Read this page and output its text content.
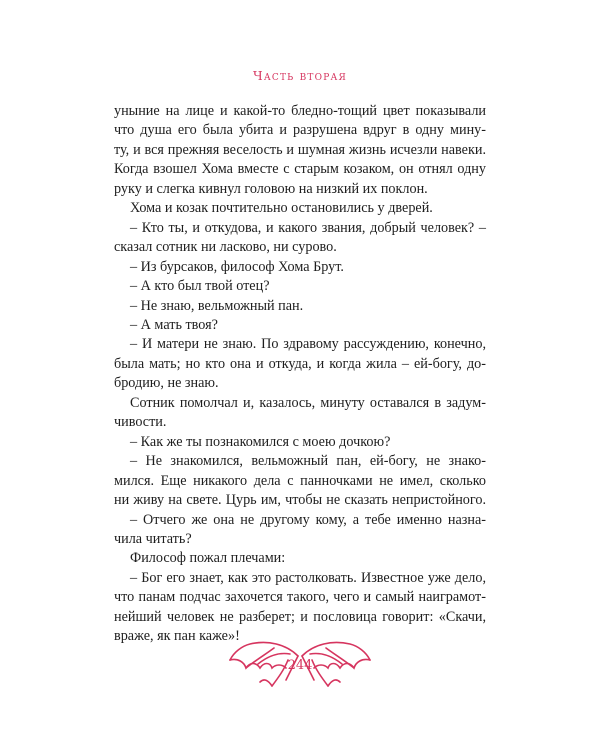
Часть вторая
уныние на лице и какой-то бледно-тощий цвет показывали
что душа его была убита и разрушена вдруг в одну мину-
ту, и вся прежняя веселость и шумная жизнь исчезли навеки.
Когда взошел Хома вместе с старым козаком, он отнял одну
руку и слегка кивнул головою на низкий их поклон.
Хома и козак почтительно остановились у дверей.
– Кто ты, и откудова, и какого звания, добрый человек? –
сказал сотник ни ласково, ни сурово.
– Из бурсаков, философ Хома Брут.
– А кто был твой отец?
– Не знаю, вельможный пан.
– А мать твоя?
– И матери не знаю. По здравому рассуждению, конечно,
была мать; но кто она и откуда, и когда жила – ей-богу, до-
бродию, не знаю.
Сотник помолчал и, казалось, минуту оставался в задум-
чивости.
– Как же ты познакомился с моею дочкою?
– Не знакомился, вельможный пан, ей-богу, не знако-
мился. Еще никакого дела с панночками не имел, сколько
ни живу на свете. Цурь им, чтобы не сказать непристойного.
– Отчего же она не другому кому, а тебе именно назна-
чила читать?
Философ пожал плечами:
– Бог его знает, как это растолковать. Известное уже дело,
что панам подчас захочется такого, чего и самый наигрaмот-
нейший человек не разберет; и пословица говорит: «Скачи,
враже, як пан каже»!
244
